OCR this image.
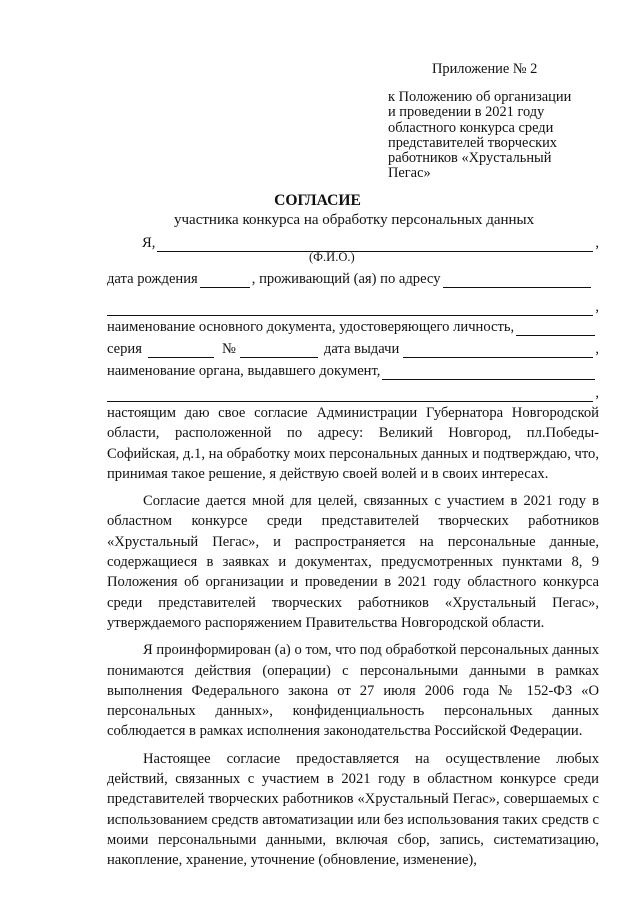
Приложение № 2
к Положению об организации
и проведении в 2021 году
областного конкурса среди
представителей творческих
работников «Хрустальный
Пегас»
СОГЛАСИЕ
участника конкурса на обработку персональных данных
Я,	,
(Ф.И.О.)
дата рождения	, проживающий (ая) по адресу
,
наименование основного документа, удостоверяющего личность,
серия	№	дата выдачи	,
наименование органа, выдавшего документ,
,

настоящим даю свое согласие Администрации Губернатора Новгородской области, расположенной по адресу: Великий Новгород, пл.Победы-Софийская, д.1, на обработку моих персональных данных и подтверждаю, что, принимая такое решение, я действую своей волей и в своих интересах.

Согласие дается мной для целей, связанных с участием в 2021 году в областном конкурсе среди представителей творческих работников «Хрустальный Пегас», и распространяется на персональные данные, содержащиеся в заявках и документах, предусмотренных пунктами 8, 9 Положения об организации и проведении в 2021 году областного конкурса среди представителей творческих работников «Хрустальный Пегас», утверждаемого распоряжением Правительства Новгородской области.

Я проинформирован (а) о том, что под обработкой персональных данных понимаются действия (операции) с персональными данными в рамках выполнения Федерального закона от 27 июля 2006 года № 152-ФЗ «О персональных данных», конфиденциальность персональных данных соблюдается в рамках исполнения законодательства Российской Федерации.

Настоящее согласие предоставляется на осуществление любых действий, связанных с участием в 2021 году в областном конкурсе среди представителей творческих работников «Хрустальный Пегас», совершаемых с использованием средств автоматизации или без использования таких средств с моими персональными данными, включая сбор, запись, систематизацию, накопление, хранение, уточнение (обновление, изменение),
